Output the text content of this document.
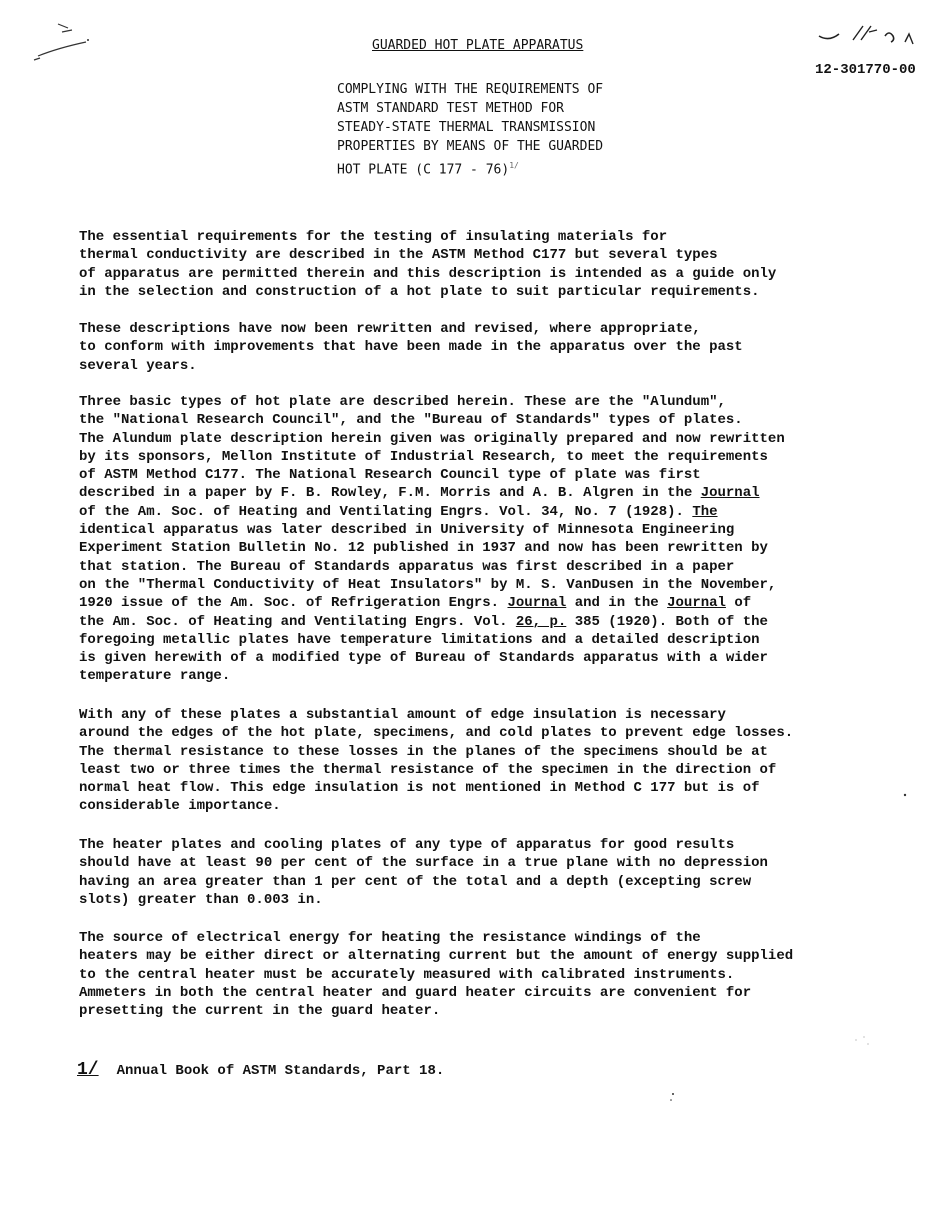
GUARDED HOT PLATE APPARATUS
12-301770-00
COMPLYING WITH THE REQUIREMENTS OF
ASTM STANDARD TEST METHOD FOR
STEADY-STATE THERMAL TRANSMISSION
PROPERTIES BY MEANS OF THE GUARDED
HOT PLATE (C 177 - 76)$^{1/}$
The essential requirements for the testing of insulating materials for
thermal conductivity are described in the ASTM Method C177 but several types
of apparatus are permitted therein and this description is intended as a guide only
in the selection and construction of a hot plate to suit particular requirements.
These descriptions have now been rewritten and revised, where appropriate,
to conform with improvements that have been made in the apparatus over the past
several years.
Three basic types of hot plate are described herein. These are the "Alundum",
the "National Research Council", and the "Bureau of Standards" types of plates.
The Alundum plate description herein given was originally prepared and now rewritten
by its sponsors, Mellon Institute of Industrial Research, to meet the requirements
of ASTM Method C177. The National Research Council type of plate was first
described in a paper by F. B. Rowley, F.M. Morris and A. B. Algren in the Journal
of the Am. Soc. of Heating and Ventilating Engrs. Vol. 34, No. 7 (1928). The
identical apparatus was later described in University of Minnesota Engineering
Experiment Station Bulletin No. 12 published in 1937 and now has been rewritten by
that station. The Bureau of Standards apparatus was first described in a paper
on the "Thermal Conductivity of Heat Insulators" by M. S. VanDusen in the November,
1920 issue of the Am. Soc. of Refrigeration Engrs. Journal and in the Journal of
the Am. Soc. of Heating and Ventilating Engrs. Vol. 26, p. 385 (1920). Both of the
foregoing metallic plates have temperature limitations and a detailed description
is given herewith of a modified type of Bureau of Standards apparatus with a wider
temperature range.
With any of these plates a substantial amount of edge insulation is necessary
around the edges of the hot plate, specimens, and cold plates to prevent edge losses.
The thermal resistance to these losses in the planes of the specimens should be at
least two or three times the thermal resistance of the specimen in the direction of
normal heat flow. This edge insulation is not mentioned in Method C 177 but is of
considerable importance.
The heater plates and cooling plates of any type of apparatus for good results
should have at least 90 per cent of the surface in a true plane with no depression
having an area greater than 1 per cent of the total and a depth (excepting screw
slots) greater than 0.003 in.
The source of electrical energy for heating the resistance windings of the
heaters may be either direct or alternating current but the amount of energy supplied
to the central heater must be accurately measured with calibrated instruments.
Ammeters in both the central heater and guard heater circuits are convenient for
presetting the current in the guard heater.
1/ Annual Book of ASTM Standards, Part 18.
